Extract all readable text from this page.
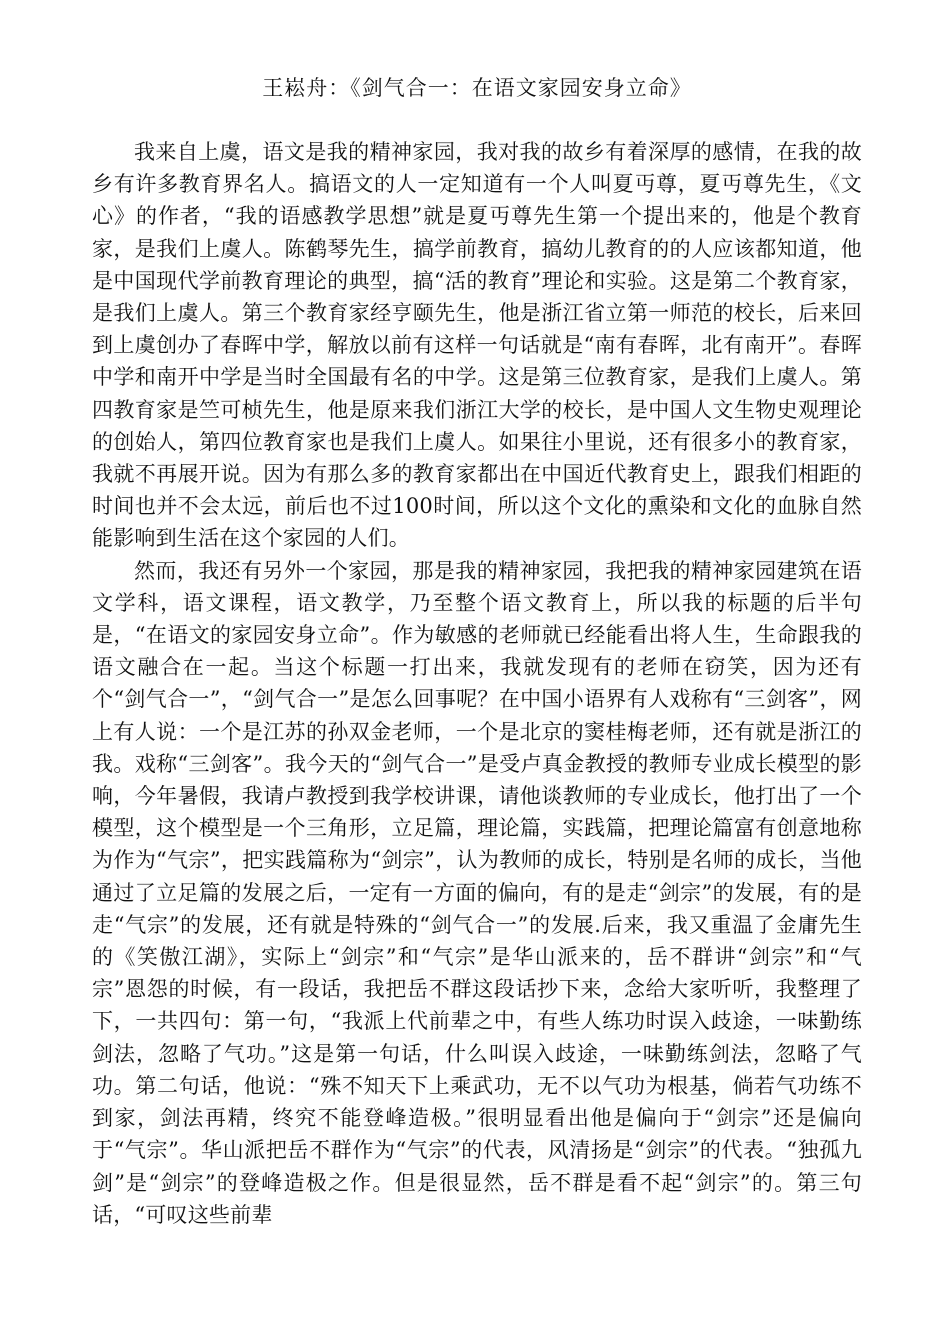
王崧舟：《剑气合一：在语文家园安身立命》

我来自上虞，语文是我的精神家园，我对我的故乡有着深厚的感情，在我的故乡有许多教育界名人。搞语文的人一定知道有一个人叫夏丏尊，夏丏尊先生，《文心》的作者，“我的语感教学思想”就是夏丏尊先生第一个提出来的，他是个教育家，是我们上虞人。陈鹤琴先生，搞学前教育，搞幼儿教育的的人应该都知道，他是中国现代学前教育理论的典型，搞“活的教育”理论和实验。这是第二个教育家，是我们上虞人。第三个教育家经亨颐先生，他是浙江省立第一师范的校长，后来回到上虞创办了春晖中学，解放以前有这样一句话就是“南有春晖，北有南开”。春晖中学和南开中学是当时全国最有名的中学。这是第三位教育家，是我们上虞人。第四教育家是竺可桢先生，他是原来我们浙江大学的校长，是中国人文生物史观理论的创始人，第四位教育家也是我们上虞人。如果往小里说，还有很多小的教育家，我就不再展开说。因为有那么多的教育家都出在中国近代教育史上，跟我们相距的时间也并不会太远，前后也不过100时间，所以这个文化的熏染和文化的血脉自然能影响到生活在这个家园的人们。

然而，我还有另外一个家园，那是我的精神家园，我把我的精神家园建筑在语文学科，语文课程，语文教学，乃至整个语文教育上，所以我的标题的后半句是，“在语文的家园安身立命”。作为敏感的老师就已经能看出将人生，生命跟我的语文融合在一起。当这个标题一打出来，我就发现有的老师在窃笑，因为还有个“剑气合一”，“剑气合一”是怎么回事呢？在中国小语界有人戏称有“三剑客”，网上有人说：一个是江苏的孙双金老师，一个是北京的窦桂梅老师，还有就是浙江的我。戏称“三剑客”。我今天的“剑气合一”是受卢真金教授的教师专业成长模型的影响，今年暑假，我请卢教授到我学校讲课，请他谈教师的专业成长，他打出了一个模型，这个模型是一个三角形，立足篇，理论篇，实践篇，把理论篇富有创意地称为作为“气宗”，把实践篇称为“剑宗”，认为教师的成长，特别是名师的成长，当他通过了立足篇的发展之后，一定有一方面的偏向，有的是走“剑宗”的发展，有的是走“气宗”的发展，还有就是特殊的“剑气合一”的发展.后来，我又重温了金庸先生的《笑傲江湖》，实际上“剑宗”和“气宗”是华山派来的，岳不群讲“剑宗”和“气宗”恩怨的时候，有一段话，我把岳不群这段话抄下来，念给大家听听，我整理了下，一共四句：第一句，“我派上代前辈之中，有些人练功时误入歧途，一味勤练剑法，忽略了气功。”这是第一句话，什么叫误入歧途，一味勤练剑法，忽略了气功。第二句话，他说：“殊不知天下上乘武功，无不以气功为根基，倘若气功练不到家，剑法再精，终究不能登峰造极。”很明显看出他是偏向于“剑宗”还是偏向于“气宗”。华山派把岳不群作为“气宗”的代表，风清扬是“剑宗”的代表。“独孤九剑”是“剑宗”的登峰造极之作。但是很显然，岳不群是看不起“剑宗”的。第三句话，“可叹这些前辈
